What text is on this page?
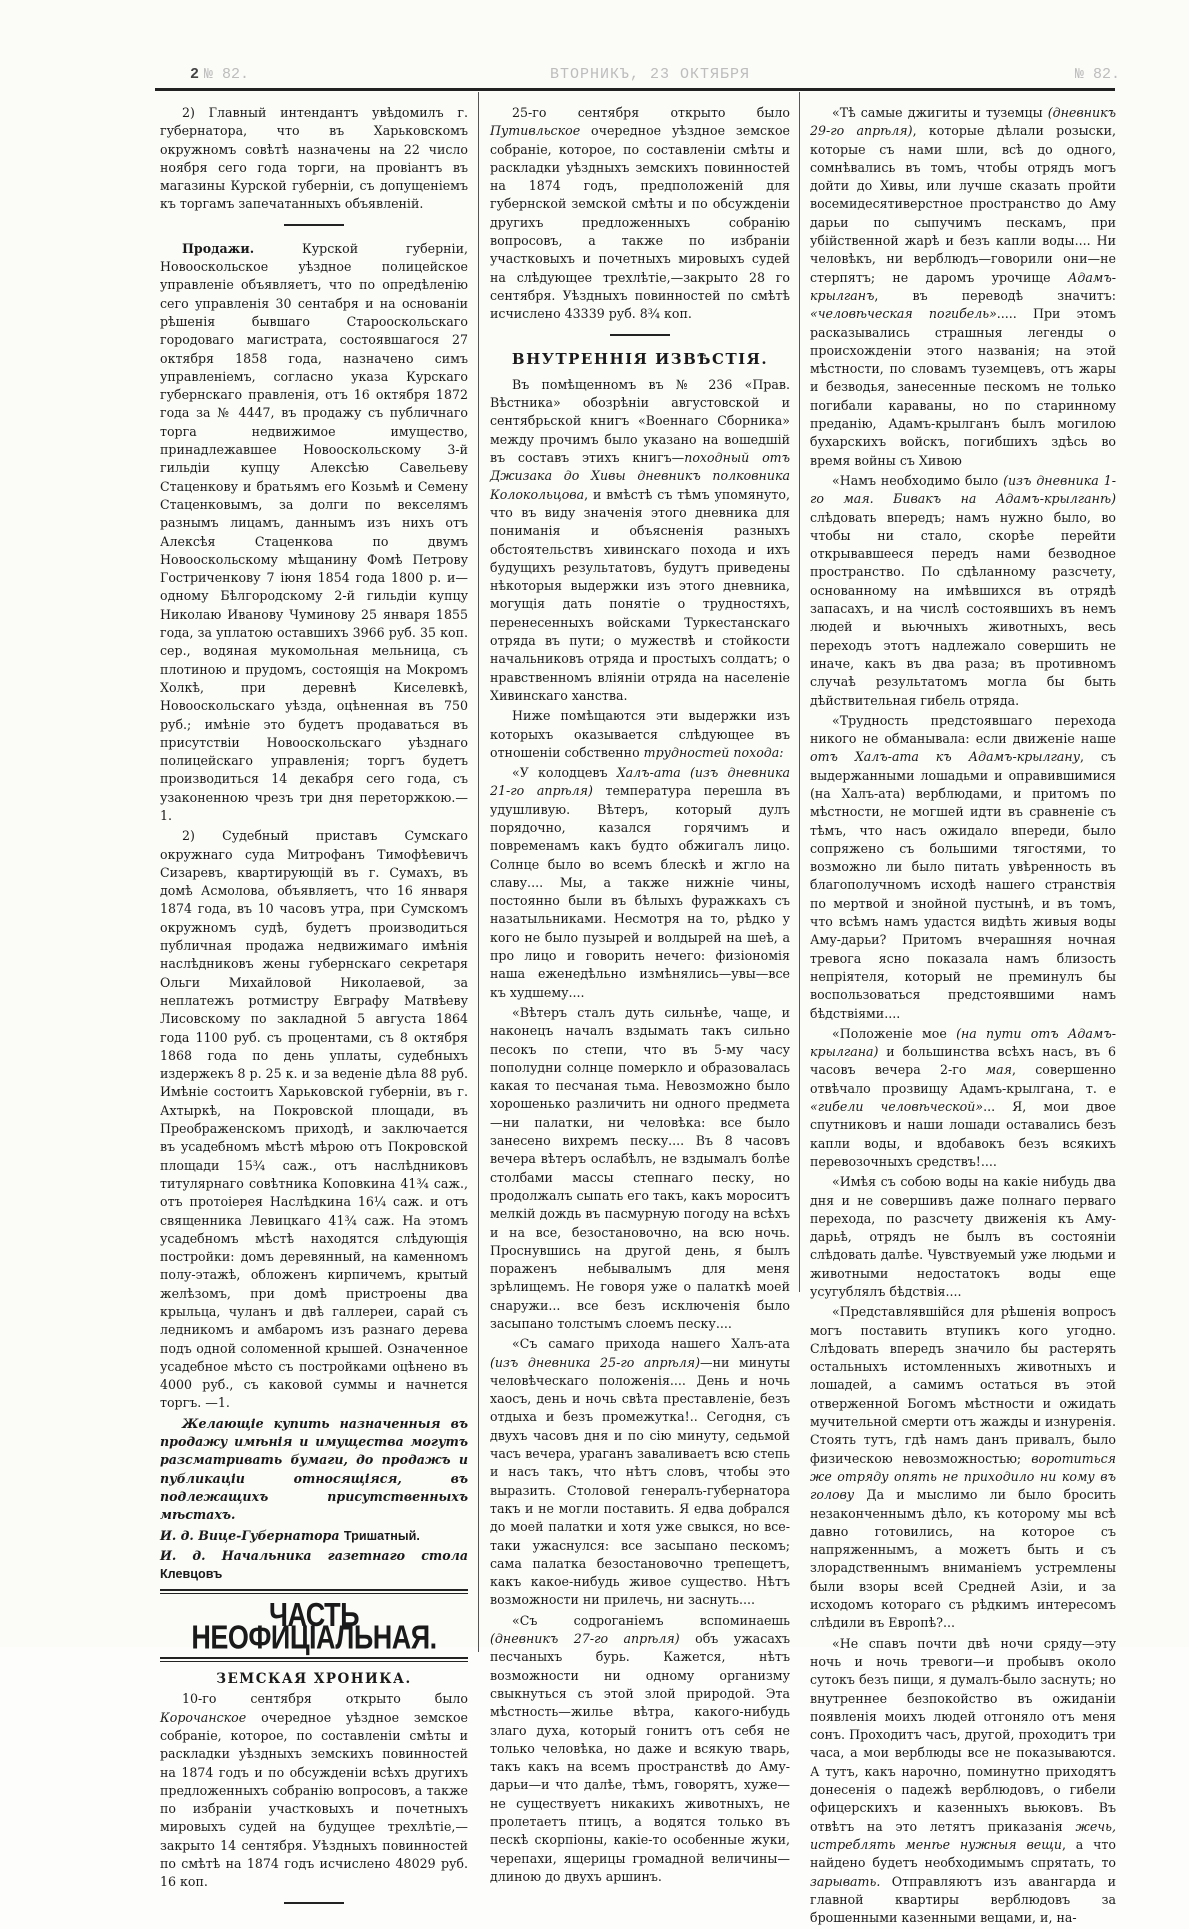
2 № 82.	ВТОРНИКЪ, 23 ОКТЯБРЯ	№ 82.

2) Главный интендантъ увѣдомилъ г. губернатора, что въ Харьковскомъ окружномъ совѣтѣ назначены на 22 число ноября сего года торги, на провіантъ въ магазины Курской губерніи, съ допущеніемъ къ торгамъ запечатанныхъ объявленій.

Продажи. Курской губерніи, Новооскольское уѣздное полицейское управленіе объявляетъ, что по опредѣленію сего управленія 30 сентабря и на основаніи рѣшенія бывшаго Старооскольскаго городоваго магистрата, состоявшагося 27 октября 1858 года, назначено симъ управленіемъ, согласно указа Курскаго губернскаго правленія, отъ 16 октября 1872 года за № 4447, въ продажу съ публичнаго торга недвижимое имущество, принадлежавшее Новооскольскому 3-й гильдіи купцу Алексѣю Савельеву Стаценкову и братьямъ его Козьмѣ и Семену Стаценковымъ, за долги по векселямъ разнымъ лицамъ, даннымъ изъ нихъ отъ Алексѣя Стаценкова по двумъ Новооскольскому мѣщанину Фомѣ Петрову Гостриченкову 7 іюня 1854 года 1800 р. и—одному Бѣлгородскому 2-й гильдіи купцу Николаю Иванову Чуминову 25 января 1855 года, за уплатою оставшихъ 3966 руб. 35 коп. сер., водяная мукомольная мельница, съ плотиною и прудомъ, состоящія на Мокромъ Холкѣ, при деревнѣ Киселевкѣ, Новооскольскаго уѣзда, оцѣненная въ 750 руб.; имѣніе это будетъ продаваться въ присутствіи Новооскольскаго уѣзднаго полицейскаго управленія; торгъ будетъ производиться 14 декабря сего года, съ узаконенною чрезъ три дня переторжкою.—1.

2) Судебный приставъ Сумскаго окружнаго суда Митрофанъ Тимофѣевичъ Сизаревъ, квартирующій въ г. Сумахъ, въ домѣ Асмолова, объявляетъ, что 16 января 1874 года, въ 10 часовъ утра, при Сумскомъ окружномъ судѣ, будетъ производиться публичная продажа недвижимаго имѣнія наслѣдниковъ жены губернскаго секретаря Ольги Михайловой Николаевой, за неплатежъ ротмистру Евграфу Матвѣеву Лисовскому по закладной 5 августа 1864 года 1100 руб. съ процентами, съ 8 октября 1868 года по день уплаты, судебныхъ издержекъ 8 р. 25 к. и за веденіе дѣла 88 руб. Имѣніе состоитъ Харьковской губерніи, въ г. Ахтыркѣ, на Покровской площади, въ Преображенскомъ приходѣ, и заключается въ усадебномъ мѣстѣ мѣрою отъ Покровской площади 15¾ саж., отъ наслѣдниковъ титулярнаго совѣтника Коповкина 41¾ саж., отъ протоіерея Наслѣдкина 16¼ саж. и отъ священника Левицкаго 41¾ саж. На этомъ усадебномъ мѣстѣ находятся слѣдующія постройки: домъ деревянный, на каменномъ полу-этажѣ, обложенъ кирпичемъ, крытый желѣзомъ, при домѣ пристроены два крыльца, чуланъ и двѣ галлереи, сарай съ ледникомъ и амбаромъ изъ разнаго дерева подъ одной соломенной крышей. Означенное усадебное мѣсто съ постройками оцѣнено въ 4000 руб., съ каковой суммы и начнется торгъ. —1.

Желающіе купить назначенныя въ продажу имѣнія и имущества могутъ разсматривать бумаги, до продажъ и публикаціи относящіяся, въ подлежащихъ присутственныхъ мѣстахъ.

И. д. Вице-Губернатора Тришатный.

И. д. Начальника газетнаго стола Клевцовъ

ЧАСТЬ НЕОФИЦІАЛЬНАЯ.
ЗЕМСКАЯ ХРОНИКА.

10-го сентября открыто было Корочанское очередное уѣздное земское собраніе, которое, по составленіи смѣты и раскладки уѣздныхъ земскихъ повинностей на 1874 годъ и по обсужденіи всѣхъ другихъ предложенныхъ собранію вопросовъ, а также по избраніи участковыхъ и почетныхъ мировыхъ судей на будущее трехлѣтіе,—закрыто 14 сентября. Уѣздныхъ повинностей по смѣтѣ на 1874 годъ исчислено 48029 руб. 16 коп.

25-го сентября открыто было Путивльское очередное уѣздное земское собраніе, которое, по составленіи смѣты и раскладки уѣздныхъ земскихъ повинностей на 1874 годъ, предположеній для губернской земской смѣты и по обсужденіи другихъ предложенныхъ собранію вопросовъ, а также по избраніи участковыхъ и почетныхъ мировыхъ судей на слѣдующее трехлѣтіе,—закрыто 28 го сентября. Уѣздныхъ повинностей по смѣтѣ исчислено 43339 руб. 8¾ коп.

ВНУТРЕННІЯ ИЗВѢСТІЯ.

Въ помѣщенномъ въ № 236 «Прав. Вѣстника» обозрѣніи августовской и сентябрьской книгъ «Военнаго Сборника» между прочимъ было указано на вошедшій въ составъ этихъ книгъ—походный отъ Джизака до Хивы дневникъ полковника Колокольцова, и вмѣстѣ съ тѣмъ упомянуто, что въ виду значенія этого дневника для пониманія и объясненія разныхъ обстоятельствъ хивинскаго похода и ихъ будущихъ результатовъ, будутъ приведены нѣкоторыя выдержки изъ этого дневника, могущія дать понятіе о трудностяхъ, перенесенныхъ войсками Туркестанскаго отряда въ пути; о мужествѣ и стойкости начальниковъ отряда и простыхъ солдатъ; о нравственномъ вліяніи отряда на населеніе Хивинскаго ханства.

Ниже помѣщаются эти выдержки изъ которыхъ оказывается слѣдующее въ отношеніи собственно трудностей похода:

«У колодцевъ Халъ-ата (изъ дневника 21-го апрѣля) температура перешла въ удушливую. Вѣтеръ, который дулъ порядочно, казался горячимъ и повременамъ какъ будто обжигалъ лицо. Солнце было во всемъ блескѣ и жгло на славу.... Мы, а также нижніе чины, постоянно были въ бѣлыхъ фуражкахъ съ назатыльниками. Несмотря на то, рѣдко у кого не было пузырей и волдырей на шеѣ, а про лицо и говорить нечего: физіономія наша еженедѣльно измѣнялись—увы—все къ худшему....

«Вѣтеръ сталъ дуть сильнѣе, чаще, и наконецъ началъ вздымать такъ сильно песокъ по степи, что въ 5-му часу пополудни солнце померкло и образовалась какая то песчаная тьма. Невозможно было хорошенько различить ни одного предмета—ни палатки, ни человѣка: все было занесено вихремъ песку.... Въ 8 часовъ вечера вѣтеръ ослабѣлъ, не вздымалъ болѣе столбами массы степнаго песку, но продолжалъ сыпать его такъ, какъ мороситъ мелкій дождь въ пасмурную погоду на всѣхъ и на все, безостановочно, на всю ночь. Проснувшись на другой день, я былъ пораженъ небывалымъ для меня зрѣлищемъ. Не говоря уже о палаткѣ моей снаружи... все безъ исключенія было засыпано толстымъ слоемъ песку....

«Съ самаго прихода нашего Халъ-ата (изъ дневника 25-го апрѣля)—ни минуты человѣческаго положенія.... День и ночь хаосъ, день и ночь свѣта преставленіе, безъ отдыха и безъ промежутка!.. Сегодня, съ двухъ часовъ дня и по сію минуту, седьмой часъ вечера, ураганъ заваливаетъ всю степь и насъ такъ, что нѣтъ словъ, чтобы это выразить. Столовой генералъ-губернатора такъ и не могли поставить. Я едва добрался до моей палатки и хотя уже свыкся, но все-таки ужаснулся: все засыпано пескомъ; сама палатка безостановочно трепещетъ, какъ какое-нибудь живое существо. Нѣтъ возможности ни прилечь, ни заснуть....

«Съ содроганіемъ вспоминаешь (дневникъ 27-го апрѣля) объ ужасахъ песчаныхъ бурь. Кажется, нѣтъ возможности ни одному организму свыкнуться съ этой злой природой. Эта мѣстность—жилье вѣтра, какого-нибудь злаго духа, который гонитъ отъ себя не только человѣка, но даже и всякую тварь, такъ какъ на всемъ пространствѣ до Аму-дарьи—и что далѣе, тѣмъ, говорятъ, хуже—не существуетъ никакихъ животныхъ, не пролетаетъ птицъ, а водятся только въ пескѣ скорпіоны, какіе-то особенные жуки, черепахи, ящерицы громадной величины—длиною до двухъ аршинъ.

«Тѣ самые джигиты и туземцы (дневникъ 29-го апрѣля), которые дѣлали розыски, которые съ нами шли, всѣ до одного, сомнѣвались въ томъ, чтобы отрядъ могъ дойти до Хивы, или лучше сказать пройти восемидесятиверстное пространство до Аму дарьи по сыпучимъ пескамъ, при убійственной жарѣ и безъ капли воды.... Ни человѣкъ, ни верблюдъ—говорили они—не стерпятъ; не даромъ урочище Адамъ-крылганъ, въ переводѣ значитъ: «человѣческая погибель»..... При этомъ расказывались страшныя легенды о происхожденіи этого названія; на этой мѣстности, по словамъ туземцевъ, отъ жары и безводья, занесенные пескомъ не только погибали караваны, но по старинному преданію, Адамъ-крылганъ былъ могилою бухарскихъ войскъ, погибшихъ здѣсь во время войны съ Хивою

«Намъ необходимо было (изъ дневника 1-го мая. Бивакъ на Адамъ-крылганѣ) слѣдовать впередъ; намъ нужно было, во чтобы ни стало, скорѣе перейти открывавшееся передъ нами безводное пространство. По сдѣланному разсчету, основанному на имѣвшихся въ отрядѣ запасахъ, и на числѣ состоявшихъ въ немъ людей и вьючныхъ животныхъ, весь переходъ этотъ надлежало совершить не иначе, какъ въ два раза; въ противномъ случаѣ результатомъ могла бы быть дѣйствительная гибель отряда.

«Трудность предстоявшаго перехода никого не обманывала: если движеніе наше отъ Халъ-ата къ Адамъ-крылгану, съ выдержанными лошадьми и оправившимися (на Халъ-ата) верблюдами, и притомъ по мѣстности, не могшей идти въ сравненіе съ тѣмъ, что насъ ожидало впереди, было сопряжено съ большими тягостями, то возможно ли было питать увѣренность въ благополучномъ исходѣ нашего странствія по мертвой и знойной пустынѣ, и въ томъ, что всѣмъ намъ удастся видѣть живыя воды Аму-дарьи? Притомъ вчерашняя ночная тревога ясно показала намъ близость непріятеля, который не преминулъ бы воспользоваться предстоявшими намъ бѣдствіями....

«Положеніе мое (на пути отъ Адамъ-крылгана) и большинства всѣхъ насъ, въ 6 часовъ вечера 2-го мая, совершенно отвѣчало прозвищу Адамъ-крылгана, т. е «гибели человѣческой»... Я, мои двое спутниковъ и наши лошади оставались безъ капли воды, и вдобавокъ безъ всякихъ перевозочныхъ средствъ!....

«Имѣя съ собою воды на какіе нибудь два дня и не совершивъ даже полнаго перваго перехода, по разсчету движенія къ Аму-дарьѣ, отрядъ не былъ въ состояніи слѣдовать далѣе. Чувствуемый уже людьми и животными недостатокъ воды еще усугублялъ бѣдствія....

«Представлявшійся для рѣшенія вопросъ могъ поставить втупикъ кого угодно. Слѣдовать впередъ значило бы растерять остальныхъ истомленныхъ животныхъ и лошадей, а самимъ остаться въ этой отверженной Богомъ мѣстности и ожидать мучительной смерти отъ жажды и изнуренія. Стоять тутъ, гдѣ намъ данъ привалъ, было физическою невозможностью; воротиться же отряду опять не приходило ни кому въ голову Да и мыслимо ли было бросить незаконченнымъ дѣло, къ которому мы всѣ давно готовились, на которое съ напряженнымъ, а можетъ быть и съ злорадственнымъ вниманіемъ устремлены были взоры всей Средней Азіи, и за исходомъ котораго съ рѣдкимъ интересомъ слѣдили въ Европѣ?...

«Не спавъ почти двѣ ночи сряду—эту ночь и ночь тревоги—и пробывъ около сутокъ безъ пищи, я думалъ-было заснуть; но внутреннее безпокойство въ ожиданіи появленія моихъ людей отгоняло отъ меня сонъ. Проходитъ часъ, другой, проходитъ три часа, а мои верблюды все не показываются. А тутъ, какъ нарочно, поминутно приходятъ донесенія о падежѣ верблюдовъ, о гибели офицерскихъ и казенныхъ вьюковъ. Въ отвѣтъ на это летятъ приказанія жечь, истреблять менѣе нужныя вещи, а что найдено будетъ необходимымъ спрятать, то зарывать. Отправляютъ изъ авангарда и главной квартиры верблюдовъ за брошенными казенными вещами, и, на-
